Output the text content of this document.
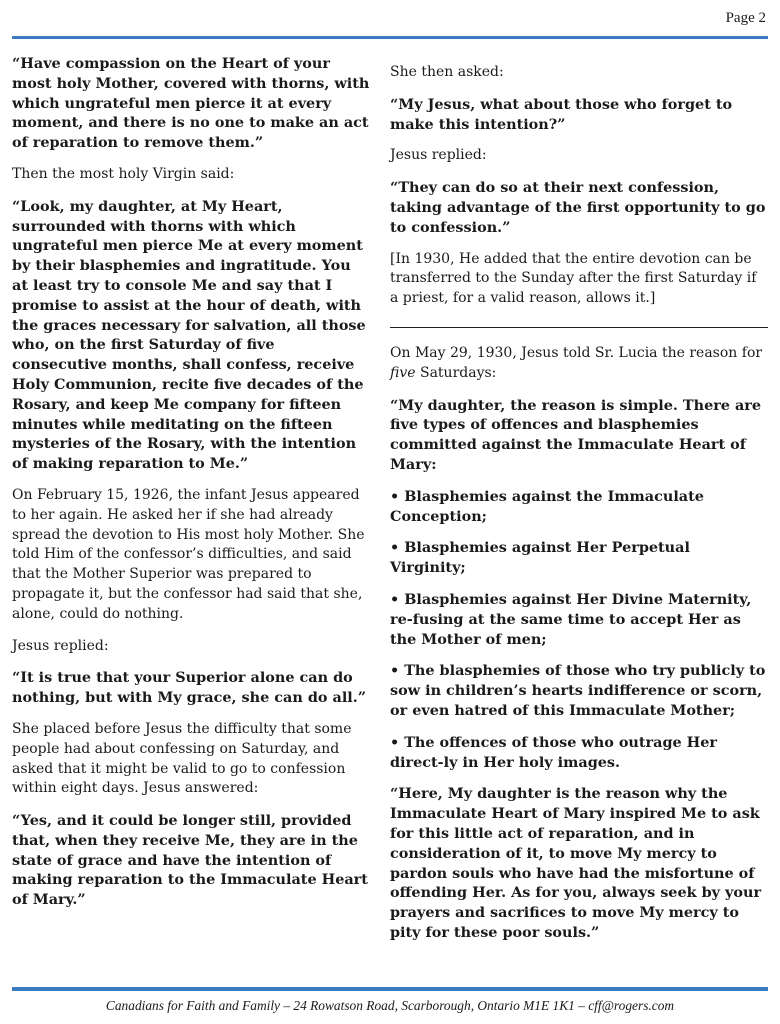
Page 2

“Have compassion on the Heart of your most holy Mother, covered with thorns, with which ungrateful men pierce it at every moment, and there is no one to make an act of reparation to remove them.”

Then the most holy Virgin said:

“Look, my daughter, at My Heart, surrounded with thorns with which ungrateful men pierce Me at every moment by their blasphemies and ingratitude. You at least try to console Me and say that I promise to assist at the hour of death, with the graces necessary for salvation, all those who, on the first Saturday of five consecutive months, shall confess, receive Holy Communion, recite five decades of the Rosary, and keep Me company for fifteen minutes while meditating on the fifteen mysteries of the Rosary, with the intention of making reparation to Me.”

On February 15, 1926, the infant Jesus appeared to her again. He asked her if she had already spread the devotion to His most holy Mother. She told Him of the confessor’s difficulties, and said that the Mother Superior was prepared to propagate it, but the confessor had said that she, alone, could do nothing.

Jesus replied:

“It is true that your Superior alone can do nothing, but with My grace, she can do all.”

She placed before Jesus the difficulty that some people had about confessing on Saturday, and asked that it might be valid to go to confession within eight days. Jesus answered:

“Yes, and it could be longer still, provided that, when they receive Me, they are in the state of grace and have the intention of making reparation to the Immaculate Heart of Mary.”

She then asked:

“My Jesus, what about those who forget to make this intention?”

Jesus replied:

“They can do so at their next confession, taking advantage of the first opportunity to go to confession.”

[In 1930, He added that the entire devotion can be transferred to the Sunday after the first Saturday if a priest, for a valid reason, allows it.]

On May 29, 1930, Jesus told Sr. Lucia the reason for five Saturdays:

“My daughter, the reason is simple. There are five types of offences and blasphemies committed against the Immaculate Heart of Mary:

• Blasphemies against the Immaculate Conception;

• Blasphemies against Her Perpetual Virginity;

• Blasphemies against Her Divine Maternity, re-fusing at the same time to accept Her as the Mother of men;

• The blasphemies of those who try publicly to sow in children’s hearts indifference or scorn, or even hatred of this Immaculate Mother;

• The offences of those who outrage Her direct-ly in Her holy images.

“Here, My daughter is the reason why the Immaculate Heart of Mary inspired Me to ask for this little act of reparation, and in consideration of it, to move My mercy to pardon souls who have had the misfortune of offending Her. As for you, always seek by your prayers and sacrifices to move My mercy to pity for these poor souls.”

Canadians for Faith and Family – 24 Rowatson Road, Scarborough, Ontario M1E 1K1 – cff@rogers.com
